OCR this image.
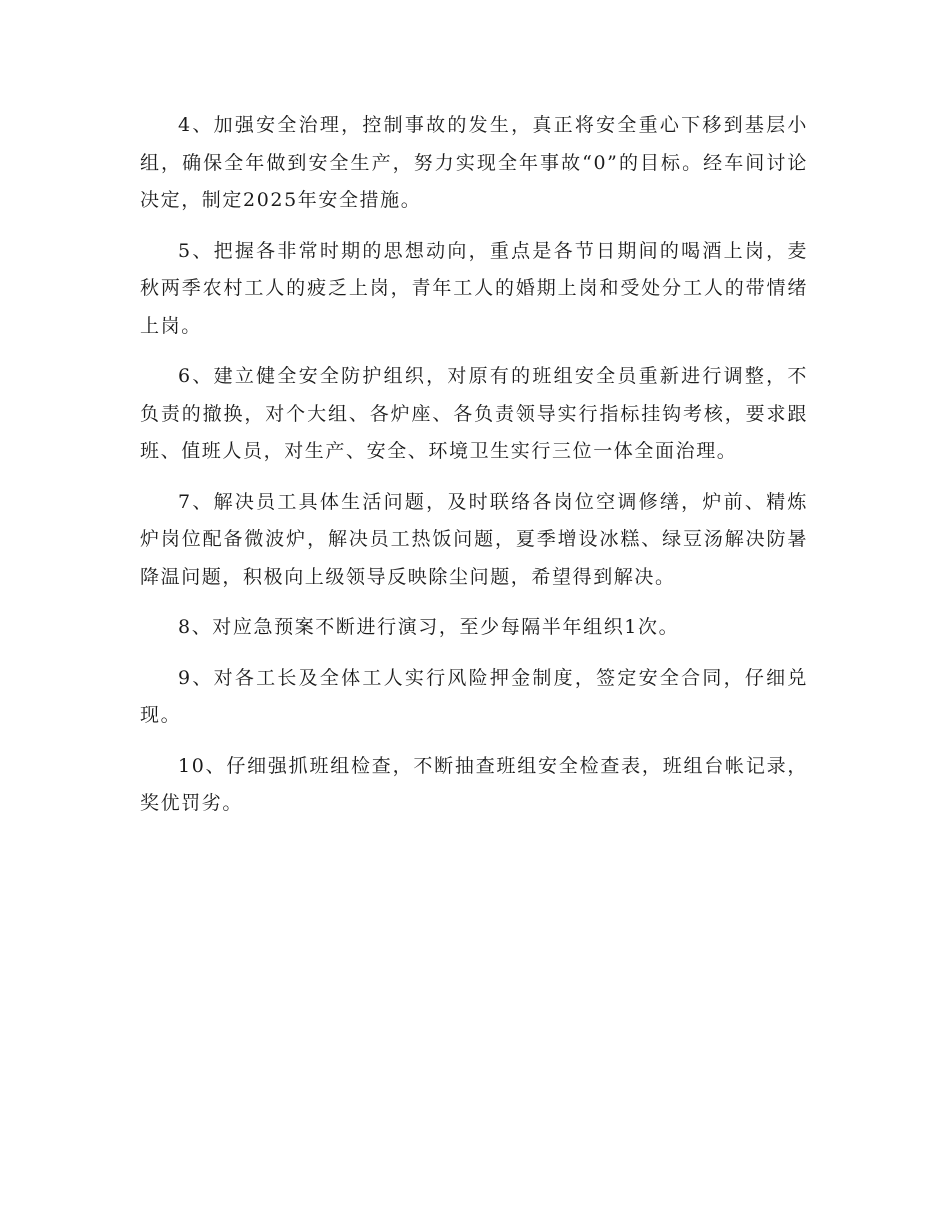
4、加强安全治理，控制事故的发生，真正将安全重心下移到基层小组，确保全年做到安全生产，努力实现全年事故“0”的目标。经车间讨论决定，制定2025年安全措施。

5、把握各非常时期的思想动向，重点是各节日期间的喝酒上岗，麦秋两季农村工人的疲乏上岗，青年工人的婚期上岗和受处分工人的带情绪上岗。

6、建立健全安全防护组织，对原有的班组安全员重新进行调整，不负责的撤换，对个大组、各炉座、各负责领导实行指标挂钩考核，要求跟班、值班人员，对生产、安全、环境卫生实行三位一体全面治理。

7、解决员工具体生活问题，及时联络各岗位空调修缮，炉前、精炼炉岗位配备微波炉，解决员工热饭问题，夏季增设冰糕、绿豆汤解决防暑降温问题，积极向上级领导反映除尘问题，希望得到解决。

8、对应急预案不断进行演习，至少每隔半年组织1次。

9、对各工长及全体工人实行风险押金制度，签定安全合同，仔细兑现。

10、仔细强抓班组检查，不断抽查班组安全检查表，班组台帐记录，奖优罚劣。
